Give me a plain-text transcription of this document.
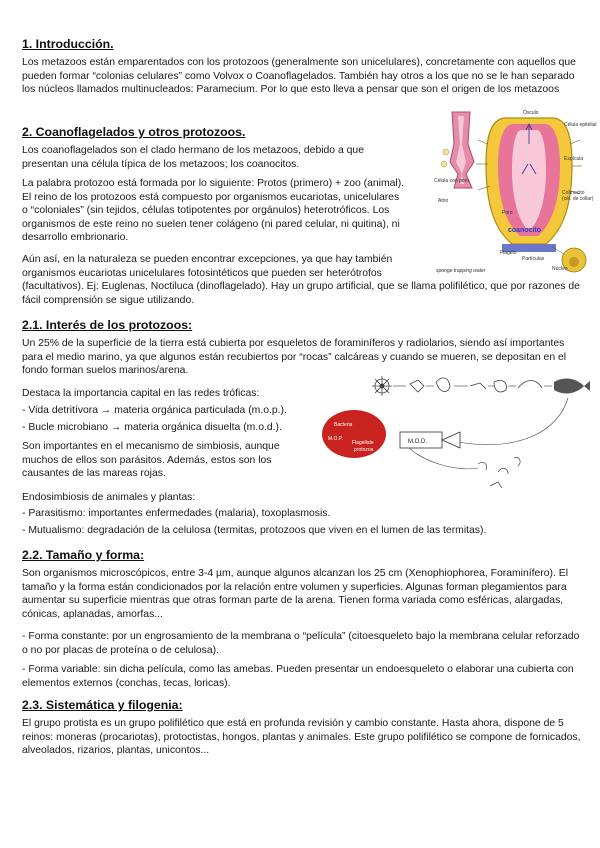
1. Introducción.

Los metazoos están emparentados con los protozoos (generalmente son unicelulares), concretamente con aquellos que pueden formar “colonias celulares” como Volvox o Coanoflagelados. También hay otros a los que no se le han separado los núcleos llamados multinucleados: Paramecium. Por lo que esto lleva a pensar que son el origen de los metazoos

2. Coanoflagelados y otros protozoos.

Los coanoflagelados son el clado hermano de los metazoos, debido a que presentan una célula típica de los metazoos; los coanocitos.

La palabra protozoo está formada por lo siguiente: Protos (primero) + zoo (animal). El reino de los protozoos está compuesto por organismos eucariotas, unicelulares o “coloniales” (sin tejidos, células totipotentes por orgánulos) heterotróficos. Los organismos de este reino no suelen tener colágeno (ni pared celular, ni quitina), ni desarrollo embrionario.

Aún así, en la naturaleza se pueden encontrar excepciones, ya que hay también organismos eucariotas unicelulares fotosintéticos que pueden ser heterótrofos

(facultativos). Ej: Euglenas, Noctiluca (dinoflagelado). Hay un grupo artificial, que se llama polifilético, que por razones de fácil comprensión se sigue utilizando.

Ósculo
Célula epitelial
Espícula
Célula con poro
Atrio
Coanocito
(cél. de collar)
Poro
coanocito
Flagelo
Partículas
Núcleo
sponge trapping water
2.1. Interés de los protozoos:

Un 25% de la superficie de la tierra está cubierta por esqueletos de foraminíferos y radiolarios, siendo así importantes para el medio marino, ya que algunos están recubiertos por “rocas” calcáreas y cuando se mueren, se depositan en el fondo forman suelos marinos/arena.

Destaca la importancia capital en las redes tróficas:

- Vida detritívora → materia orgánica particulada (m.o.p.).

- Bucle microbiano → materia orgánica disuelta (m.o.d.).

Son importantes en el mecanismo de simbiosis, aunque muchos de ellos son parásitos. Además, estos son los causantes de las mareas rojas.

Endosimbiosis de animales y plantas:

- Parasitismo: importantes enfermedades (malaria), toxoplasmosis.

- Mutualismo: degradación de la celulosa (termitas, protozoos que viven en el lumen de las termitas).

M.O.D.
Bacteria
M.O.P.
Flagellate
protozoa
2.2. Tamaño y forma:

Son organismos microscópicos, entre 3-4 µm, aunque algunos alcanzan los 25 cm (Xenophiophorea, Foraminífero). El tamaño y la forma están condicionados por la relación entre volumen y superficies. Algunas forman plegamientos para aumentar su superficie mientras que otras forman parte de la arena. Tienen forma variada como esféricas, alargadas, cónicas, aplanadas, amorfas...

- Forma constante: por un engrosamiento de la membrana o “película” (citoesqueleto bajo la membrana celular reforzado o no por placas de proteína o de celulosa).

- Forma variable: sin dicha película, como las amebas. Pueden presentar un endoesqueleto o elaborar una cubierta con elementos externos (conchas, tecas, loricas).

2.3. Sistemática y filogenia:

El grupo protista es un grupo polifilético que está en profunda revisión y cambio constante. Hasta ahora, dispone de 5 reinos: moneras (procariotas), protoctistas, hongos, plantas y animales. Este grupo polifilético se compone de fornicados, alveolados, rizarios, plantas, unicontos...
